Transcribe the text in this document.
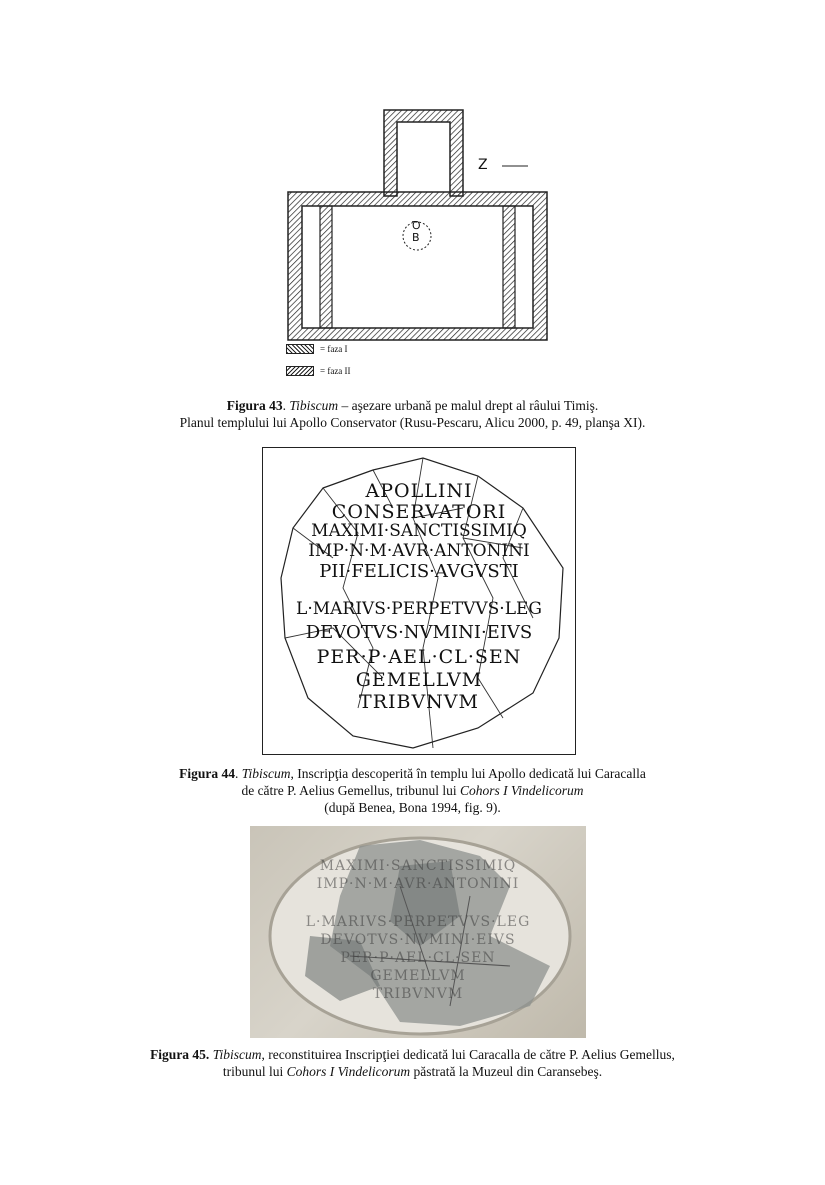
Z
Ꝺ
B
= faza I
= faza II
Figura 43. Tibiscum – aşezare urbană pe malul drept al râului Timiş.
Planul templului lui Apollo Conservator (Rusu-Pescaru, Alicu 2000, p. 49, planşa XI).
APOLLINI
CONSERVATORI
MAXIMI·SANCTISSIMIQ
IMP·N·M·AVR·ANTONINI
PII·FELICIS·AVGVSTI
L·MARIVS·PERPETVVS·LEG
DEVOTVS·NVMINI·EIVS
PER·P·AEL·CL·SEN
GEMELLVM
TRIBVNVM
Figura 44. Tibiscum, Inscripţia descoperită în templu lui Apollo dedicată lui Caracalla
de către P. Aelius Gemellus, tribunul lui Cohors I Vindelicorum
(după Benea, Bona 1994, fig. 9).
MAXIMI·SANCTISSIMIQ
IMP·N·M·AVR·ANTONINI
L·MARIVS·PERPETVVS·LEG
DEVOTVS·NVMINI·EIVS
PER·P·AEL·CL·SEN
GEMELLVM
TRIBVNVM
Figura 45. Tibiscum, reconstituirea Inscripţiei dedicată lui Caracalla de către P. Aelius Gemellus,
tribunul lui Cohors I Vindelicorum păstrată la Muzeul din Caransebeş.
